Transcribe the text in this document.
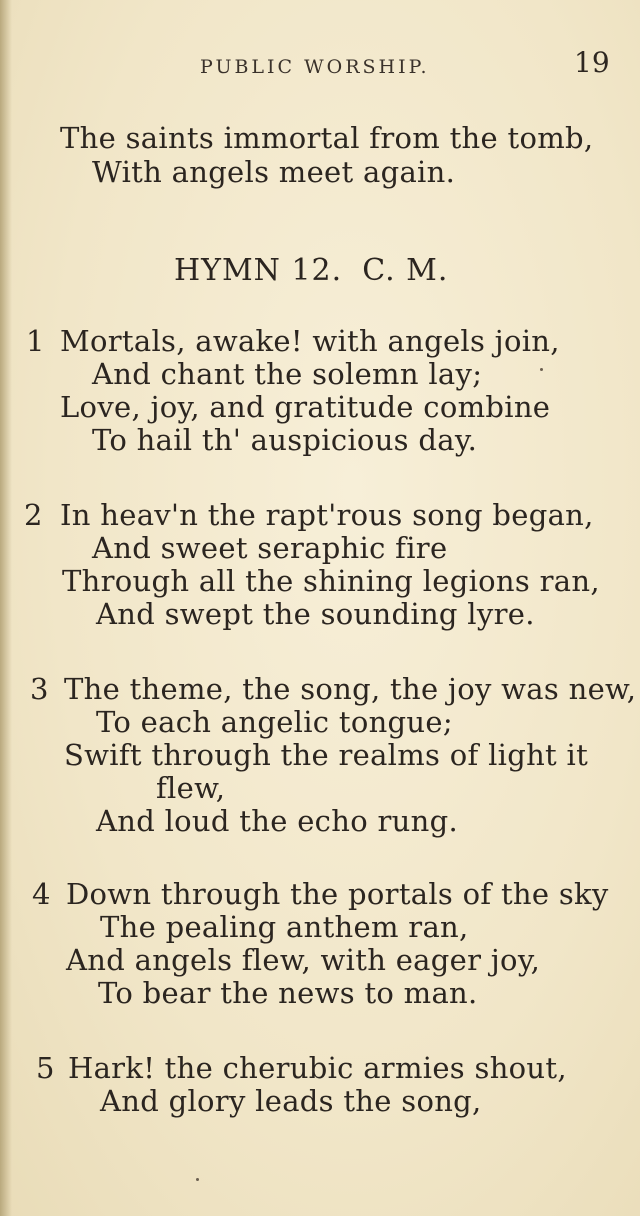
PUBLIC WORSHIP.	19
The saints immortal from the tomb,
With angels meet again.
HYMN 12. C. M.
1 Mortals, awake! with angels join,
And chant the solemn lay;
Love, joy, and gratitude combine
To hail th' auspicious day.
2 In heav'n the rapt'rous song began,
And sweet seraphic fire
Through all the shining legions ran,
And swept the sounding lyre.
3 The theme, the song, the joy was new,
To each angelic tongue;
Swift through the realms of light it
flew,
And loud the echo rung.
4 Down through the portals of the sky
The pealing anthem ran,
And angels flew, with eager joy,
To bear the news to man.
5 Hark! the cherubic armies shout,
And glory leads the song,
